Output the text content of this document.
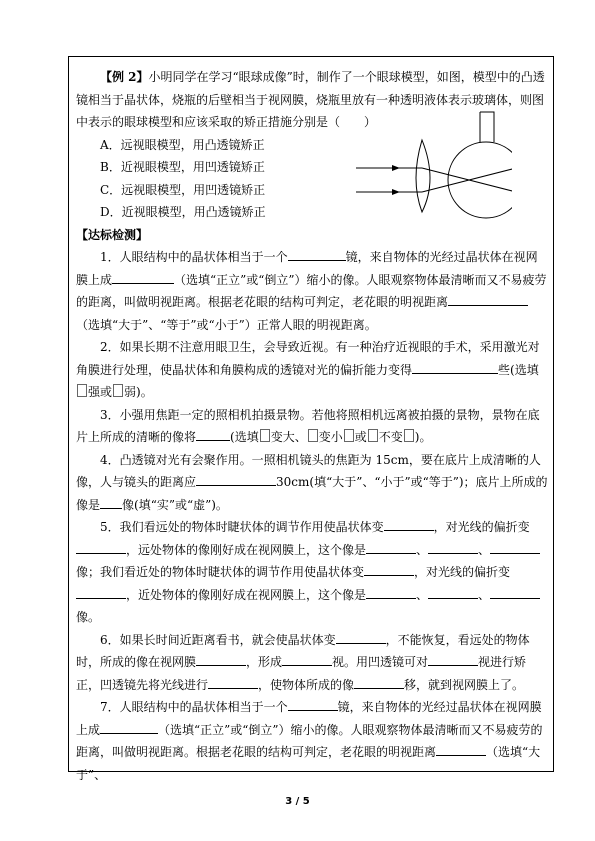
【例 2】小明同学在学习“眼球成像”时，制作了一个眼球模型，如图，模型中的凸透镜相当于晶状体，烧瓶的后壁相当于视网膜，烧瓶里放有一种透明液体表示玻璃体，则图中表示的眼球模型和应该采取的矫正措施分别是（　　）

A．远视眼模型，用凸透镜矫正

B．近视眼模型，用凹透镜矫正

C．远视眼模型，用凹透镜矫正

D．近视眼模型，用凸透镜矫正

【达标检测】

1．人眼结构中的晶状体相当于一个	镜，来自物体的光经过晶状体在视网膜上成	（选填“正立”或“倒立”）缩小的像。人眼观察物体最清晰而又不易疲劳的距离，叫做明视距离。根据老花眼的结构可判定，老花眼的明视距离（选填“大于”、“等于”或“小于”）正常人眼的明视距离。

2．如果长期不注意用眼卫生，会导致近视。有一种治疗近视眼的手术，采用激光对角膜进行处理，使晶状体和角膜构成的透镜对光的偏折能力变得	些(选填强或 弱)。

3．小强用焦距一定的照相机拍摄景物。若他将照相机远离被拍摄的景物，景物在底片上所成的清晰的像将	(选填 变大、 变小 或 不变 )。

4．凸透镜对光有会聚作用。一照相机镜头的焦距为 15cm，要在底片上成清晰的人像，人与镜头的距离应	30cm(填“大于”、“小于”或“等于”)；底片上所成的像是 像(填“实”或“虚”)。

5．我们看远处的物体时睫状体的调节作用使晶状体变	，对光线的偏折变，远处物体的像刚好成在视网膜上，这个像是	、	、像；我们看近处的物体时睫状体的调节作用使晶状体变	，对光线的偏折变，近处物体的像刚好成在视网膜上，这个像是	、	、像。

6．如果长时间近距离看书，就会使晶状体变	，不能恢复，看远处的物体时，所成的像在视网膜	，形成	视。用凹透镜可对	视进行矫正，凹透镜先将光线进行	，使物体所成的像	移，就到视网膜上了。

7．人眼结构中的晶状体相当于一个	镜，来自物体的光经过晶状体在视网膜上成	（选填“正立”或“倒立”）缩小的像。人眼观察物体最清晰而又不易疲劳的距离，叫做明视距离。根据老花眼的结构可判定，老花眼的明视距离	（选填“大于”、

3 / 5
